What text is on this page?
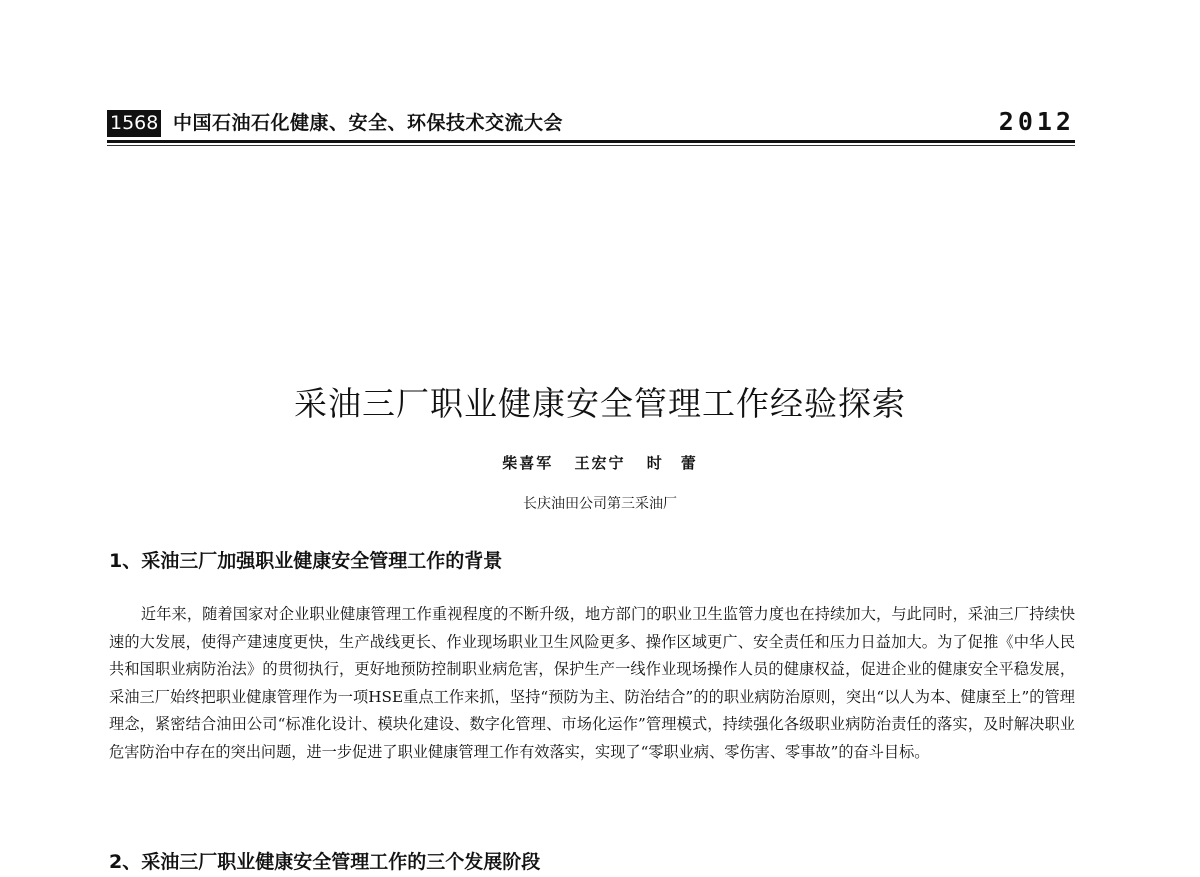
1568 中国石油石化健康、安全、环保技术交流大会	2012
采油三厂职业健康安全管理工作经验探索
柴喜军 王宏宁 时　蕾
长庆油田公司第三采油厂
1、采油三厂加强职业健康安全管理工作的背景

近年来，随着国家对企业职业健康管理工作重视程度的不断升级，地方部门的职业卫生监管力度也在持续加大，与此同时，采油三厂持续快速的大发展，使得产建速度更快，生产战线更长、作业现场职业卫生风险更多、操作区域更广、安全责任和压力日益加大。为了促推《中华人民共和国职业病防治法》的贯彻执行，更好地预防控制职业病危害，保护生产一线作业现场操作人员的健康权益，促进企业的健康安全平稳发展，采油三厂始终把职业健康管理作为一项HSE重点工作来抓，坚持“预防为主、防治结合”的的职业病防治原则，突出“以人为本、健康至上”的管理理念，紧密结合油田公司“标准化设计、模块化建设、数字化管理、市场化运作”管理模式，持续强化各级职业病防治责任的落实，及时解决职业危害防治中存在的突出问题，进一步促进了职业健康管理工作有效落实，实现了“零职业病、零伤害、零事故”的奋斗目标。

2、采油三厂职业健康安全管理工作的三个发展阶段
